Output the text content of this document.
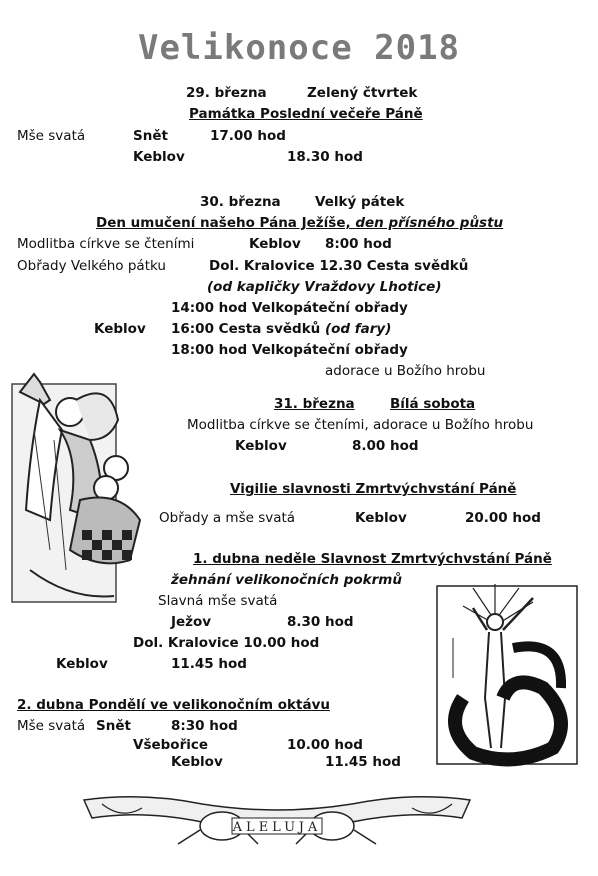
Velikonoce 2018
29. března	Zelený čtvrtek
Památka Poslední večeře Páně
Mše svatá	Snět	17.00 hod
Keblov	18.30 hod
30. března	Velký pátek
Den umučení našeho Pána Ježíše, den přísného půstu
Modlitba církve se čteními	Keblov 8:00 hod
Obřady Velkého pátku	Dol. Kralovice 12.30 Cesta svědků
(od kapličky Vraždovy Lhotice)
14:00 hod Velkopáteční obřady
Keblov 16:00 Cesta svědků (od fary)
18:00 hod Velkopáteční obřady
adorace u Božího hrobu
31. března	Bílá sobota
Modlitba církve se čteními, adorace u Božího hrobu
Keblov	8.00 hod
Vigilie slavnosti Zmrtvýchvstání Páně
Obřady a mše svatá	Keblov	20.00 hod
1. dubna neděle Slavnost Zmrtvýchvstání Páně
žehnání velikonočních pokrmů
Slavná mše svatá
Ježov	8.30 hod
Dol. Kralovice 10.00 hod
Keblov	11.45 hod
2. dubna Pondělí ve velikonočním oktávu
Mše svatá Snět	8:30 hod
Všebořice	10.00 hod
Keblov	11.45 hod
ALELUJA
